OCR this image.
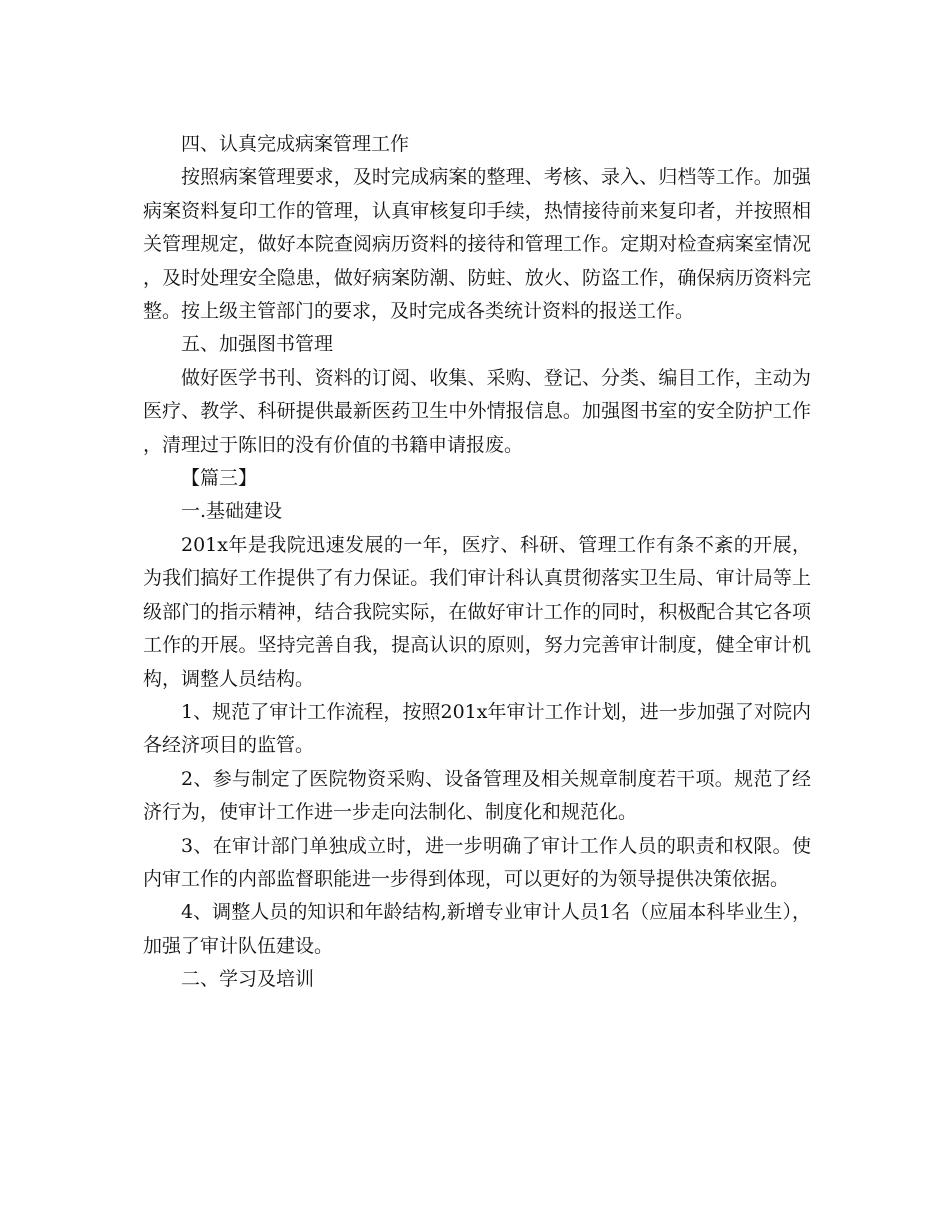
四、认真完成病案管理工作

按照病案管理要求，及时完成病案的整理、考核、录入、归档等工作。加强病案资料复印工作的管理，认真审核复印手续，热情接待前来复印者，并按照相关管理规定，做好本院查阅病历资料的接待和管理工作。定期对检查病案室情况，及时处理安全隐患，做好病案防潮、防蛀、放火、防盗工作，确保病历资料完整。按上级主管部门的要求，及时完成各类统计资料的报送工作。

五、加强图书管理

做好医学书刊、资料的订阅、收集、采购、登记、分类、编目工作，主动为医疗、教学、科研提供最新医药卫生中外情报信息。加强图书室的安全防护工作，清理过于陈旧的没有价值的书籍申请报废。

【篇三】

一.基础建设

201x年是我院迅速发展的一年，医疗、科研、管理工作有条不紊的开展，为我们搞好工作提供了有力保证。我们审计科认真贯彻落实卫生局、审计局等上级部门的指示精神，结合我院实际，在做好审计工作的同时，积极配合其它各项工作的开展。坚持完善自我，提高认识的原则，努力完善审计制度，健全审计机构，调整人员结构。

1、规范了审计工作流程，按照201x年审计工作计划，进一步加强了对院内各经济项目的监管。

2、参与制定了医院物资采购、设备管理及相关规章制度若干项。规范了经济行为，使审计工作进一步走向法制化、制度化和规范化。

3、在审计部门单独成立时，进一步明确了审计工作人员的职责和权限。使内审工作的内部监督职能进一步得到体现，可以更好的为领导提供决策依据。

4、调整人员的知识和年龄结构,新增专业审计人员1名（应届本科毕业生），加强了审计队伍建设。

二、学习及培训
